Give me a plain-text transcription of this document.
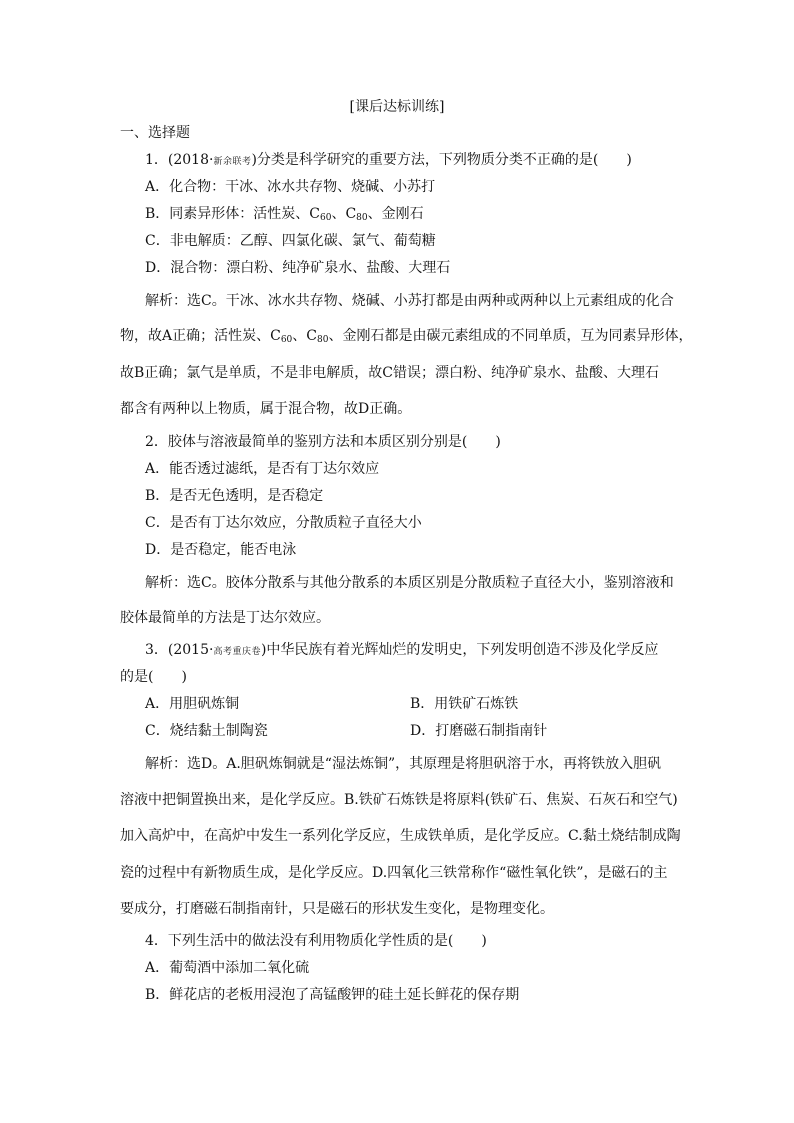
[课后达标训练]
一、选择题
1．(2018·新余联考)分类是科学研究的重要方法，下列物质分类不正确的是(　　)
A．化合物：干冰、冰水共存物、烧碱、小苏打
B．同素异形体：活性炭、$C_{60}$、$C_{80}$、金刚石
C．非电解质：乙醇、四氯化碳、氯气、葡萄糖
D．混合物：漂白粉、纯净矿泉水、盐酸、大理石
解析：选C。干冰、冰水共存物、烧碱、小苏打都是由两种或两种以上元素组成的化合
物，故A正确；活性炭、$C_{60}$、$C_{80}$、金刚石都是由碳元素组成的不同单质，互为同素异形体，
故B正确；氯气是单质，不是非电解质，故C错误；漂白粉、纯净矿泉水、盐酸、大理石
都含有两种以上物质，属于混合物，故D正确。
2．胶体与溶液最简单的鉴别方法和本质区别分别是(　　)
A．能否透过滤纸，是否有丁达尔效应
B．是否无色透明，是否稳定
C．是否有丁达尔效应，分散质粒子直径大小
D．是否稳定，能否电泳
解析：选C。胶体分散系与其他分散系的本质区别是分散质粒子直径大小，鉴别溶液和
胶体最简单的方法是丁达尔效应。
3．(2015·高考重庆卷)中华民族有着光辉灿烂的发明史，下列发明创造不涉及化学反应
的是(　　)
A．用胆矾炼铜	B．用铁矿石炼铁
C．烧结黏土制陶瓷	D．打磨磁石制指南针
解析：选D。A.胆矾炼铜就是“湿法炼铜”，其原理是将胆矾溶于水，再将铁放入胆矾
溶液中把铜置换出来，是化学反应。B.铁矿石炼铁是将原料(铁矿石、焦炭、石灰石和空气)
加入高炉中，在高炉中发生一系列化学反应，生成铁单质，是化学反应。C.黏土烧结制成陶
瓷的过程中有新物质生成，是化学反应。D.四氧化三铁常称作“磁性氧化铁”，是磁石的主
要成分，打磨磁石制指南针，只是磁石的形状发生变化，是物理变化。
4．下列生活中的做法没有利用物质化学性质的是(　　)
A．葡萄酒中添加二氧化硫
B．鲜花店的老板用浸泡了高锰酸钾的硅土延长鲜花的保存期
